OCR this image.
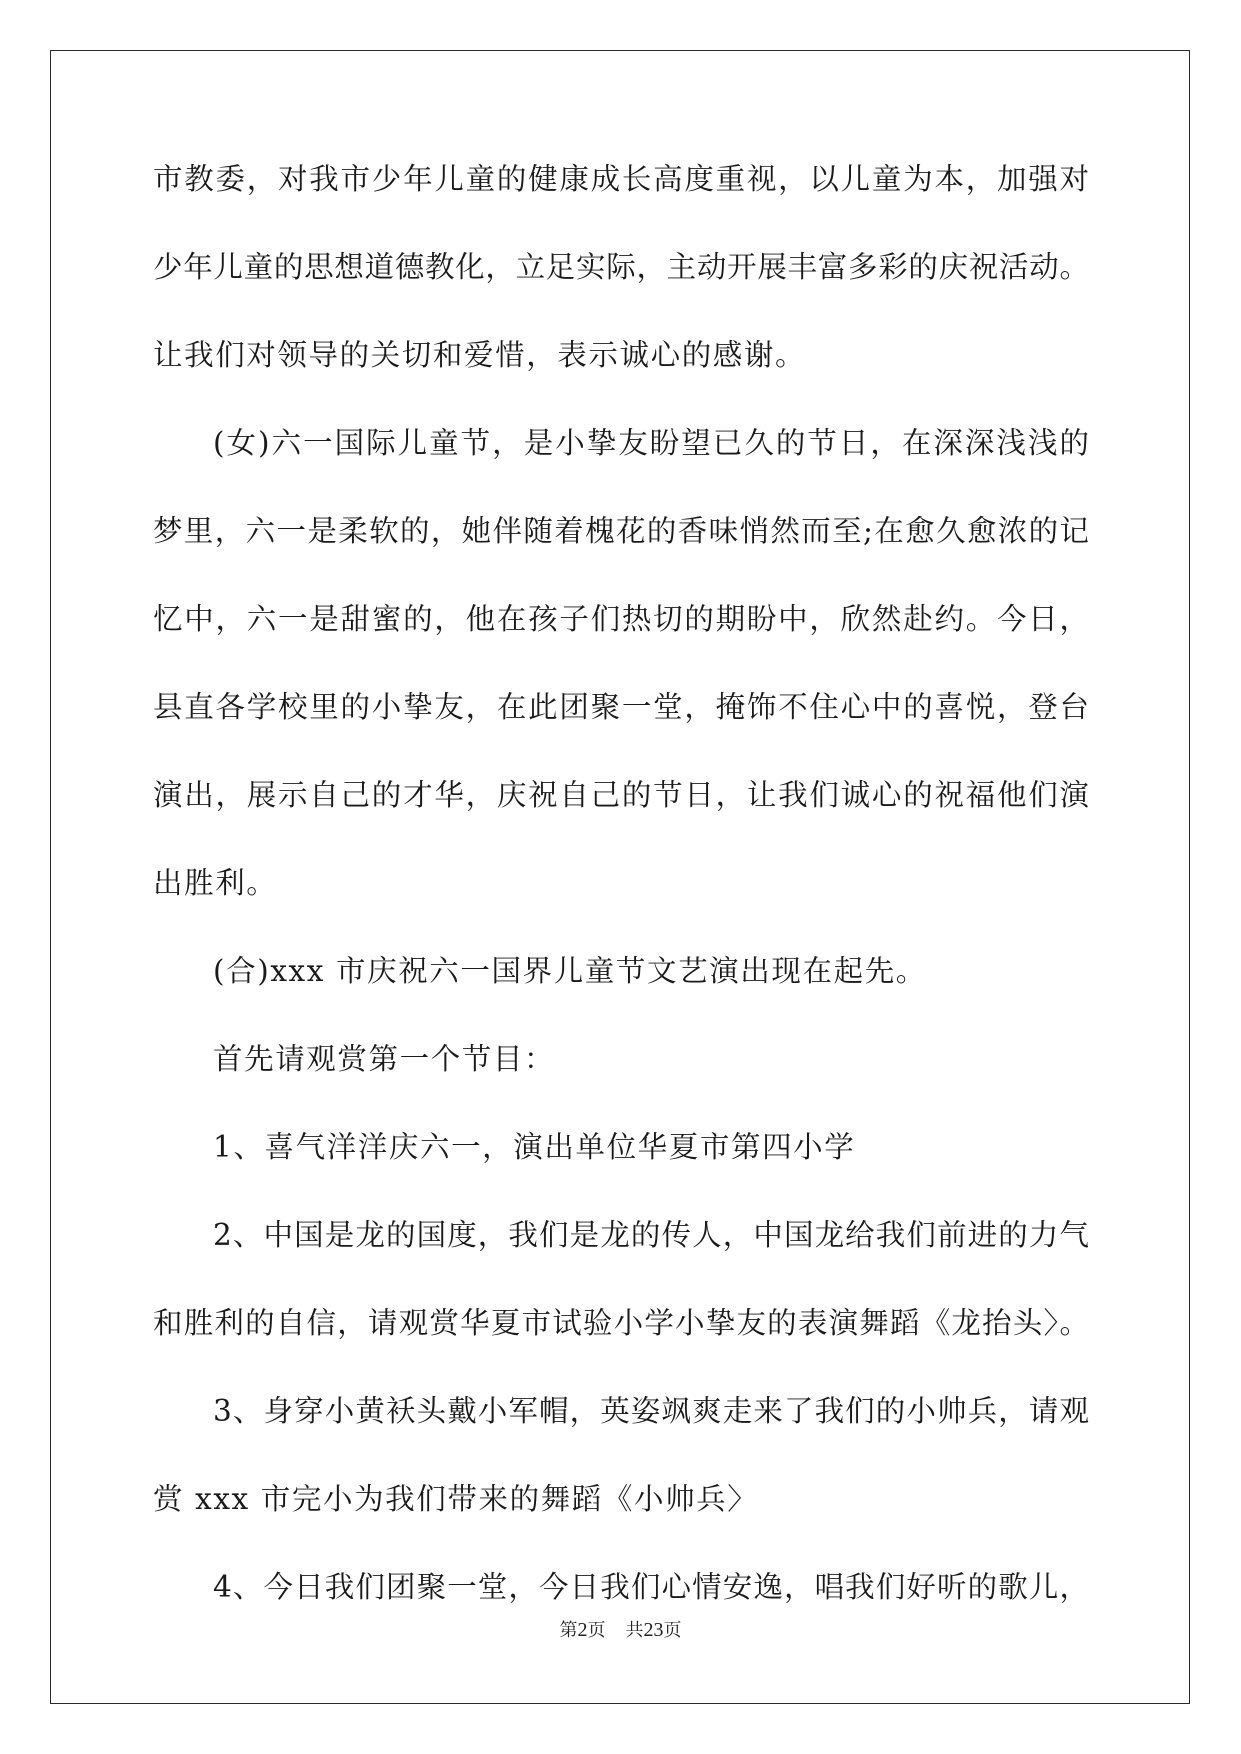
市教委，对我市少年儿童的健康成长高度重视，以儿童为本，加强对
少年儿童的思想道德教化，立足实际，主动开展丰富多彩的庆祝活动。
让我们对领导的关切和爱惜，表示诚心的感谢。
(女)六一国际儿童节，是小挚友盼望已久的节日，在深深浅浅的
梦里，六一是柔软的，她伴随着槐花的香味悄然而至;在愈久愈浓的记
忆中，六一是甜蜜的，他在孩子们热切的期盼中，欣然赴约。今日，
县直各学校里的小挚友，在此团聚一堂，掩饰不住心中的喜悦，登台
演出，展示自己的才华，庆祝自己的节日，让我们诚心的祝福他们演
出胜利。
(合)xxx 市庆祝六一国界儿童节文艺演出现在起先。
首先请观赏第一个节目：
1、喜气洋洋庆六一，演出单位华夏市第四小学
2、中国是龙的国度，我们是龙的传人，中国龙给我们前进的力气
和胜利的自信，请观赏华夏市试验小学小挚友的表演舞蹈《龙抬头〉。
3、身穿小黄袄头戴小军帽，英姿飒爽走来了我们的小帅兵，请观
赏 xxx 市完小为我们带来的舞蹈《小帅兵〉
4、今日我们团聚一堂，今日我们心情安逸，唱我们好听的歌儿，
第2页 共23页
